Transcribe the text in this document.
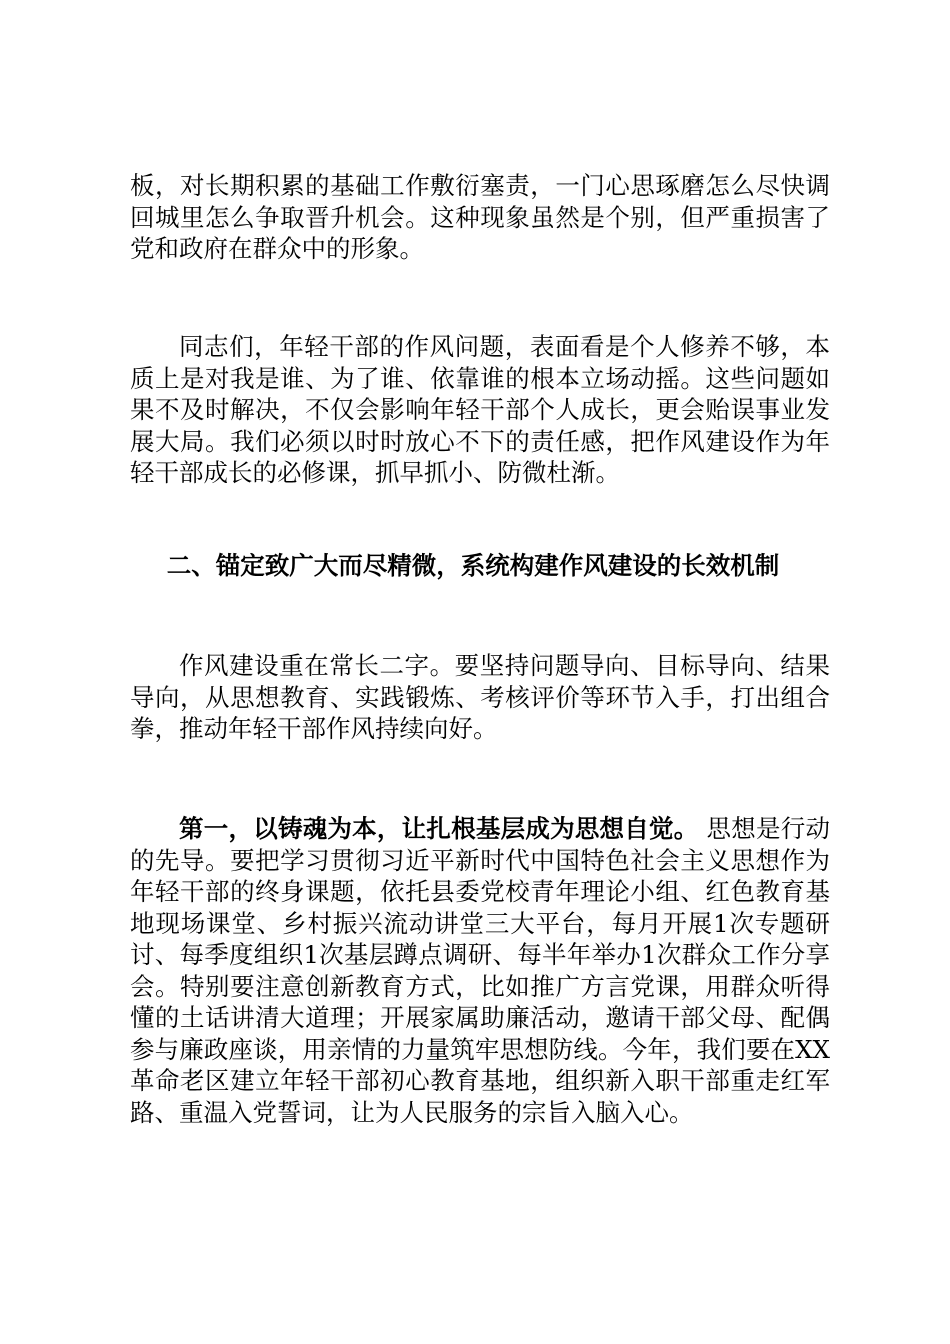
板，对长期积累的基础工作敷衍塞责，一门心思琢磨怎么尽快调回城里怎么争取晋升机会。这种现象虽然是个别，但严重损害了党和政府在群众中的形象。

同志们，年轻干部的作风问题，表面看是个人修养不够，本质上是对我是谁、为了谁、依靠谁的根本立场动摇。这些问题如果不及时解决，不仅会影响年轻干部个人成长，更会贻误事业发展大局。我们必须以时时放心不下的责任感，把作风建设作为年轻干部成长的必修课，抓早抓小、防微杜渐。

二、锚定致广大而尽精微，系统构建作风建设的长效机制

作风建设重在常长二字。要坚持问题导向、目标导向、结果导向，从思想教育、实践锻炼、考核评价等环节入手，打出组合拳，推动年轻干部作风持续向好。

第一，以铸魂为本，让扎根基层成为思想自觉。 思想是行动的先导。要把学习贯彻习近平新时代中国特色社会主义思想作为年轻干部的终身课题，依托县委党校青年理论小组、红色教育基地现场课堂、乡村振兴流动讲堂三大平台，每月开展1次专题研讨、每季度组织1次基层蹲点调研、每半年举办1次群众工作分享会。特别要注意创新教育方式，比如推广方言党课，用群众听得懂的土话讲清大道理；开展家属助廉活动，邀请干部父母、配偶参与廉政座谈，用亲情的力量筑牢思想防线。今年，我们要在XX革命老区建立年轻干部初心教育基地，组织新入职干部重走红军路、重温入党誓词，让为人民服务的宗旨入脑入心。
